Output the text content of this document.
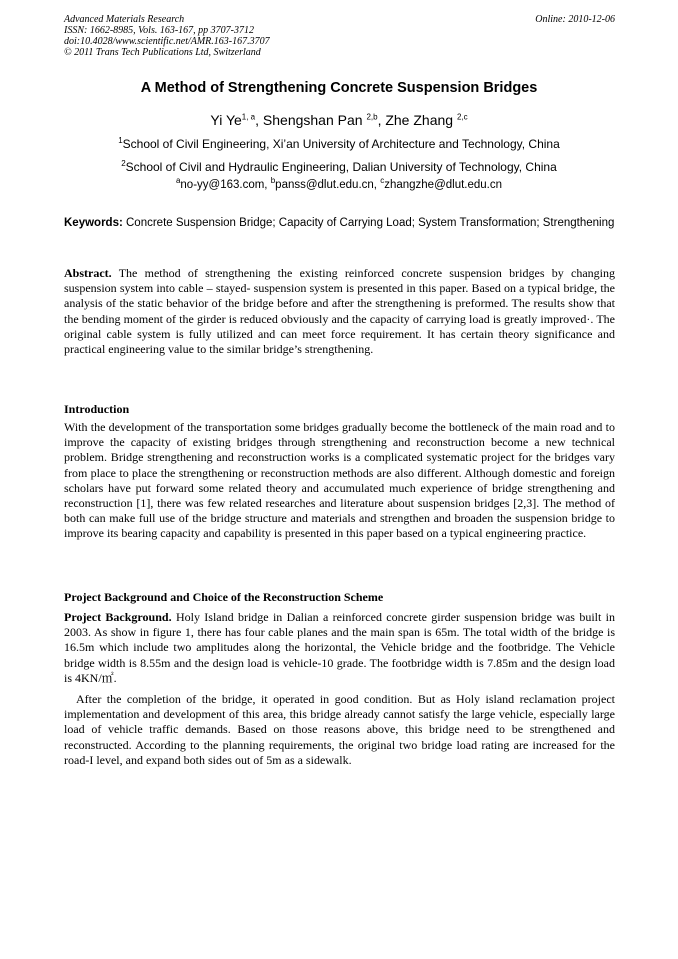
Advanced Materials Research
ISSN: 1662-8985, Vols. 163-167, pp 3707-3712
doi:10.4028/www.scientific.net/AMR.163-167.3707
© 2011 Trans Tech Publications Ltd, Switzerland
Online: 2010-12-06
A Method of Strengthening Concrete Suspension Bridges
Yi Ye$^{1, a}$, Shengshan Pan $^{2,b}$, Zhe Zhang $^{2,c}$
$^1$School of Civil Engineering, Xi’an University of Architecture and Technology, China
$^2$School of Civil and Hydraulic Engineering, Dalian University of Technology, China
$^a$no-yy@163.com, $^b$panss@dlut.edu.cn, $^c$zhangzhe@dlut.edu.cn
Keywords: Concrete Suspension Bridge; Capacity of Carrying Load; System Transformation; Strengthening
Abstract. The method of strengthening the existing reinforced concrete suspension bridges by changing suspension system into cable – stayed- suspension system is presented in this paper. Based on a typical bridge, the analysis of the static behavior of the bridge before and after the strengthening is preformed. The results show that the bending moment of the girder is reduced obviously and the capacity of carrying load is greatly improved·. The original cable system is fully utilized and can meet force requirement. It has certain theory significance and practical engineering value to the similar bridge’s strengthening.
Introduction
With the development of the transportation some bridges gradually become the bottleneck of the main road and to improve the capacity of existing bridges through strengthening and reconstruction become a new technical problem. Bridge strengthening and reconstruction works is a complicated systematic project for the bridges vary from place to place the strengthening or reconstruction methods are also different. Although domestic and foreign scholars have put forward some related theory and accumulated much experience of bridge strengthening and reconstruction [1], there was few related researches and literature about suspension bridges [2,3]. The method of both can make full use of the bridge structure and materials and strengthen and broaden the suspension bridge to improve its bearing capacity and capability is presented in this paper based on a typical engineering practice.
Project Background and Choice of the Reconstruction Scheme
Project Background. Holy Island bridge in Dalian a reinforced concrete girder suspension bridge was built in 2003. As show in figure 1, there has four cable planes and the main span is 65m. The total width of the bridge is 16.5m which include two amplitudes along the horizontal, the Vehicle bridge and the footbridge. The Vehicle bridge width is 8.55m and the design load is vehicle-10 grade. The footbridge width is 7.85m and the design load is 4KN/㎡.
After the completion of the bridge, it operated in good condition. But as Holy island reclamation project implementation and development of this area, this bridge already cannot satisfy the large vehicle, especially large load of vehicle traffic demands. Based on those reasons above, this bridge need to be strengthened and reconstructed. According to the planning requirements, the original two bridge load rating are increased for the road-I level, and expand both sides out of 5m as a sidewalk.
